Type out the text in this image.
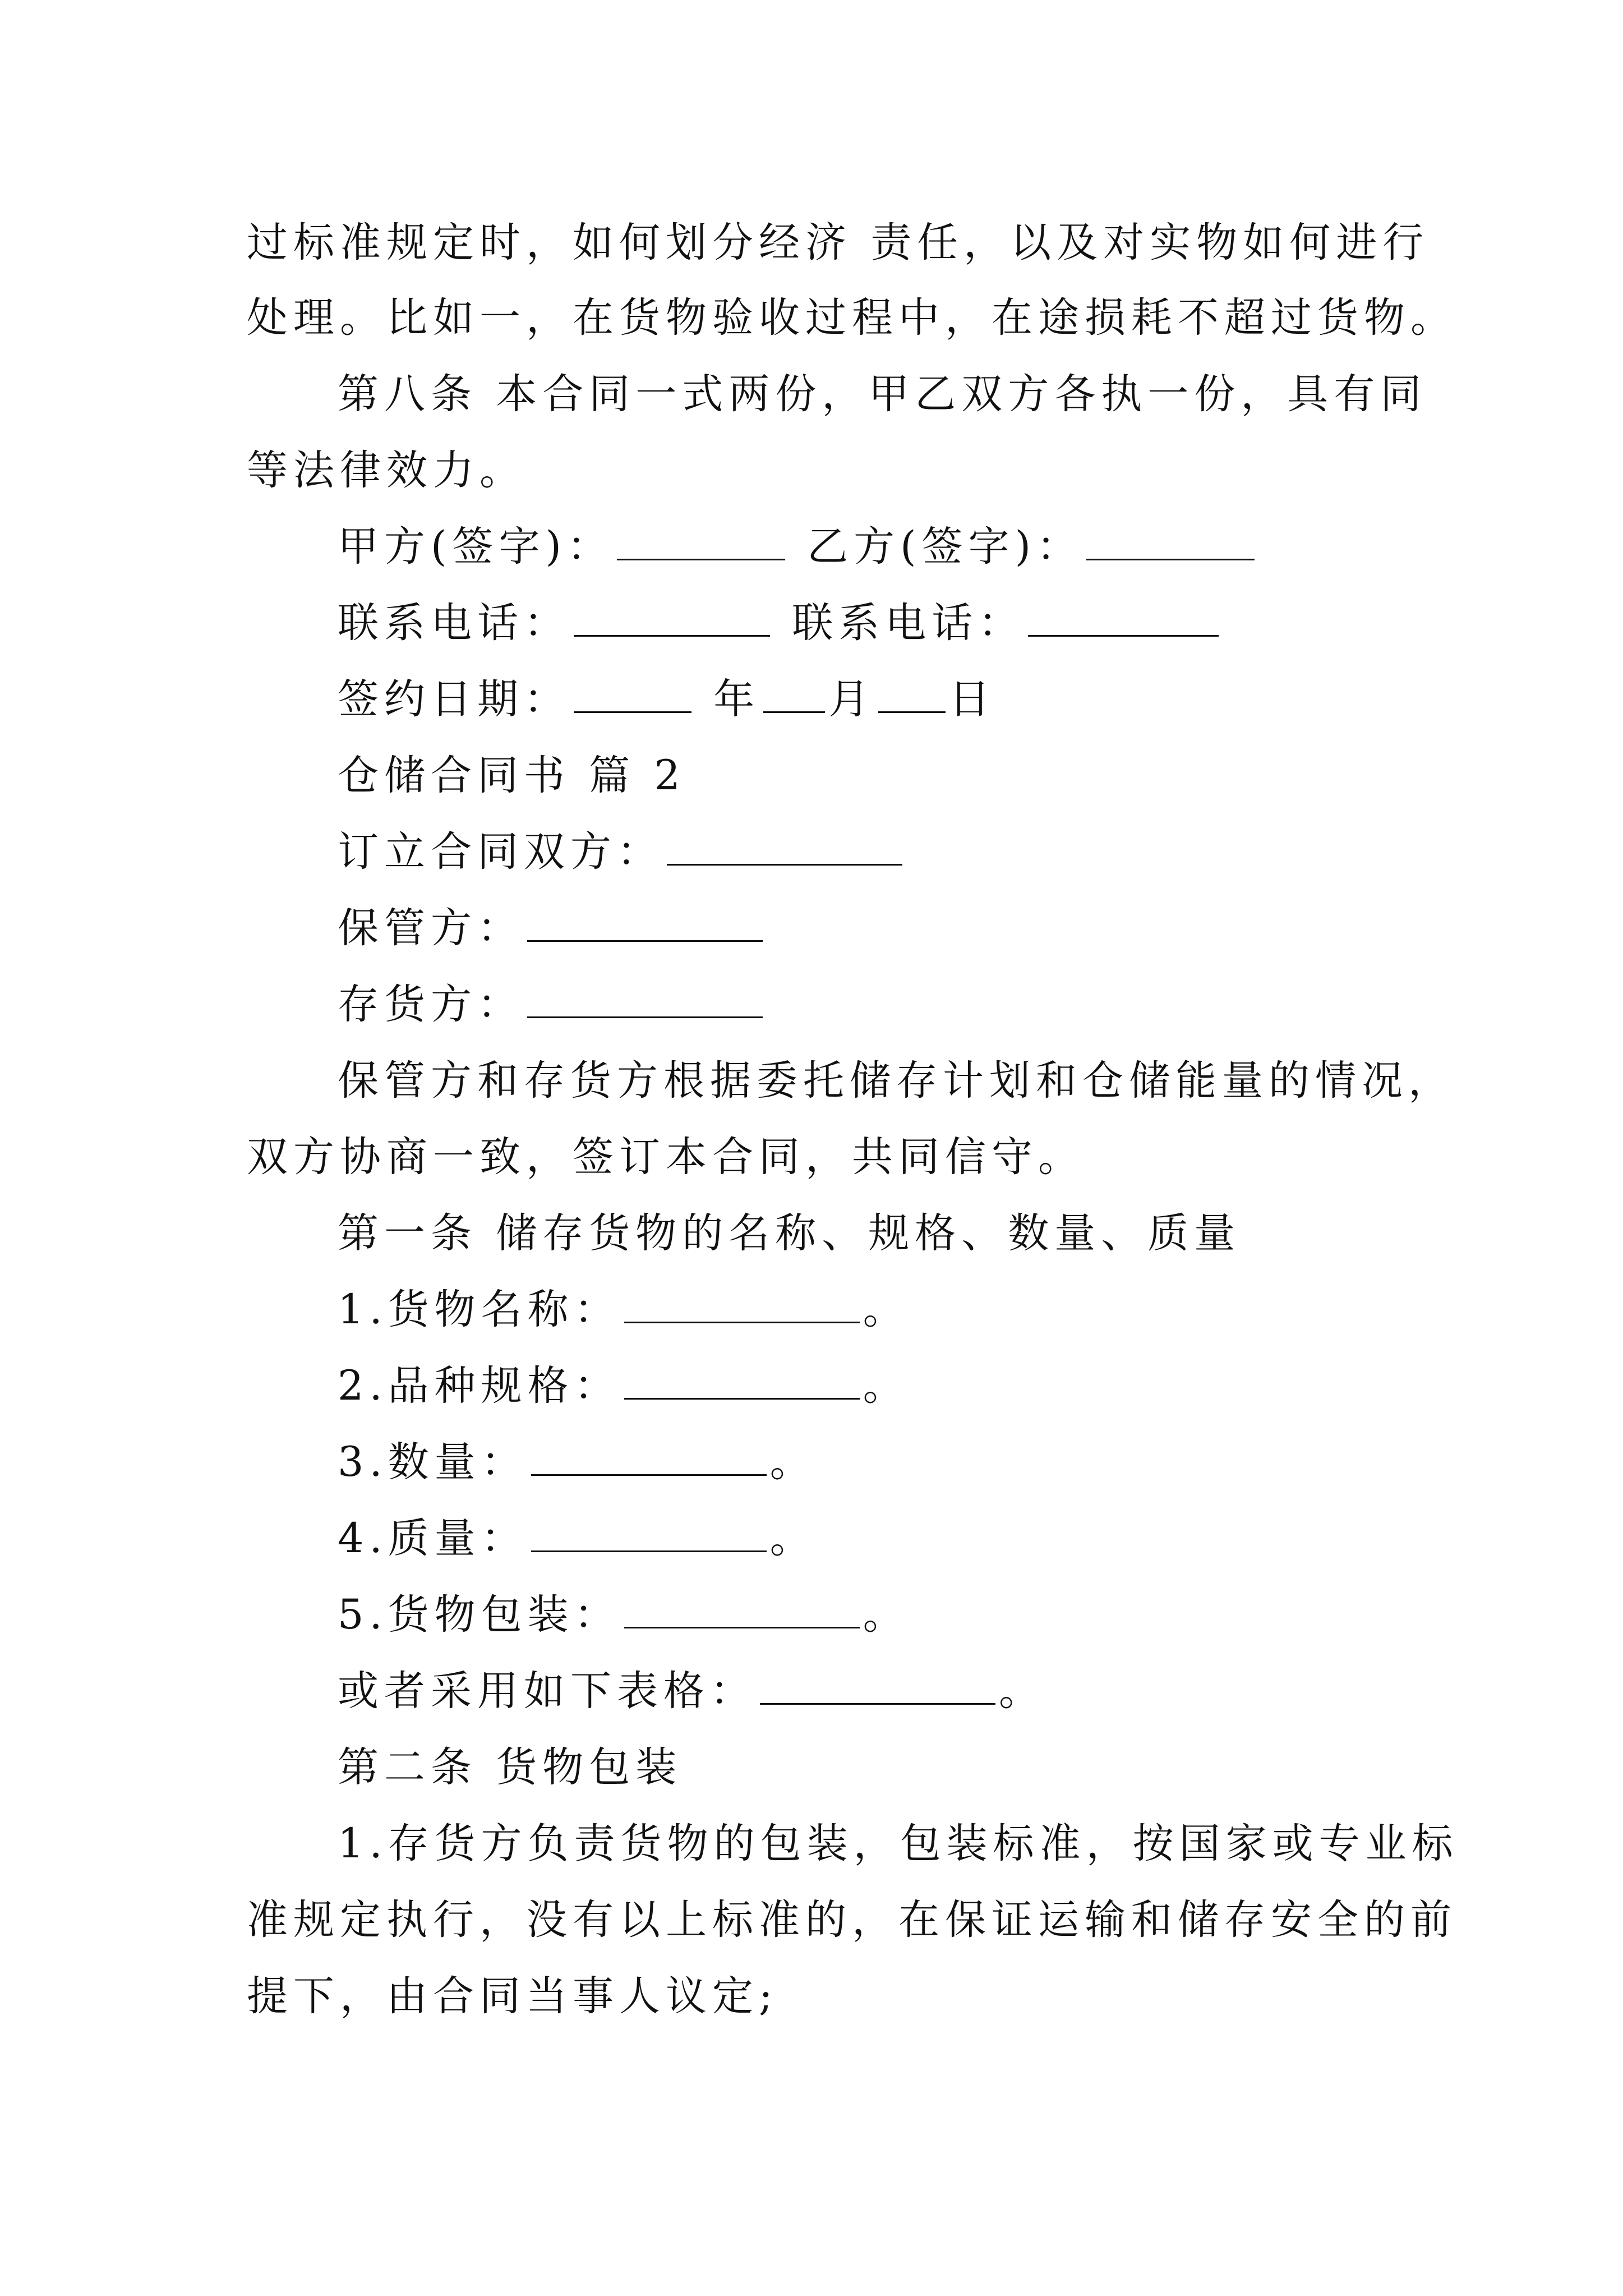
过标准规定时，如何划分经济 责任，以及对实物如何进行
处理。比如一，在货物验收过程中，在途损耗不超过货物。
第八条 本合同一式两份，甲乙双方各执一份，具有同
等法律效力。
甲方(签字)：	乙方(签字)：
联系电话：	联系电话：
签约日期：	年 月 日
仓储合同书 篇 2
订立合同双方：
保管方：
存货方：
保管方和存货方根据委托储存计划和仓储能量的情况，
双方协商一致，签订本合同，共同信守。
第一条 储存货物的名称、规格、数量、质量
1.货物名称：	。
2.品种规格：	。
3.数量：	。
4.质量：	。
5.货物包装：	。
或者采用如下表格：	。
第二条 货物包装
1.存货方负责货物的包装，包装标准，按国家或专业标
准规定执行，没有以上标准的，在保证运输和储存安全的前
提下，由合同当事人议定;
